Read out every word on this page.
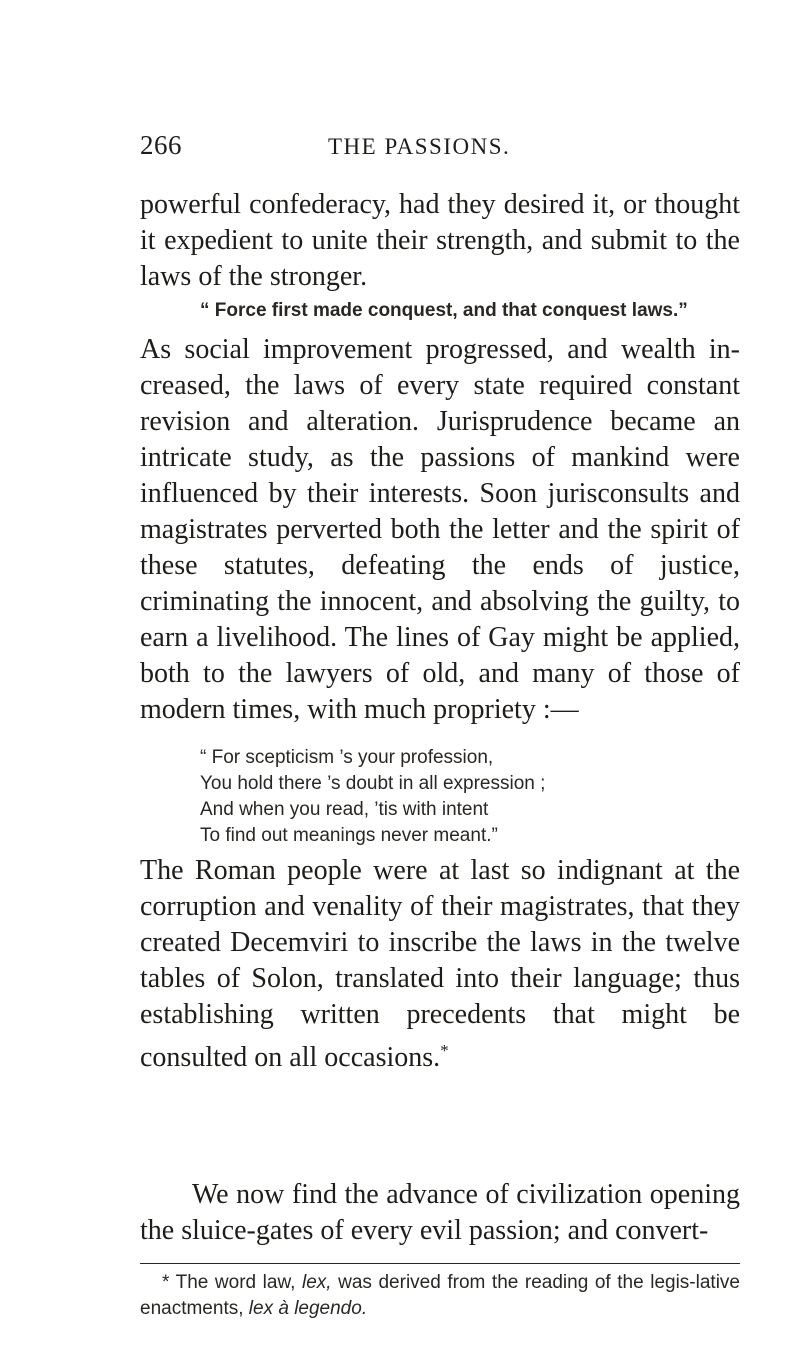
266	THE PASSIONS.

powerful confederacy, had they desired it, or thought it expedient to unite their strength, and submit to the laws of the stronger.

“ Force first made conquest, and that conquest laws.”

As social improvement progressed, and wealth in-creased, the laws of every state required constant revision and alteration. Jurisprudence became an intricate study, as the passions of mankind were influenced by their interests. Soon jurisconsults and magistrates perverted both the letter and the spirit of these statutes, defeating the ends of justice, criminating the innocent, and absolving the guilty, to earn a livelihood. The lines of Gay might be applied, both to the lawyers of old, and many of those of modern times, with much propriety :—

“ For scepticism ’s your profession,
You hold there ’s doubt in all expression ;
And when you read, ’tis with intent
To find out meanings never meant.”

The Roman people were at last so indignant at the corruption and venality of their magistrates, that they created Decemviri to inscribe the laws in the twelve tables of Solon, translated into their language; thus establishing written precedents that might be consulted on all occasions.*

We now find the advance of civilization opening the sluice-gates of every evil passion; and convert-

* The word law, lex, was derived from the reading of the legis-lative enactments, lex à legendo.
